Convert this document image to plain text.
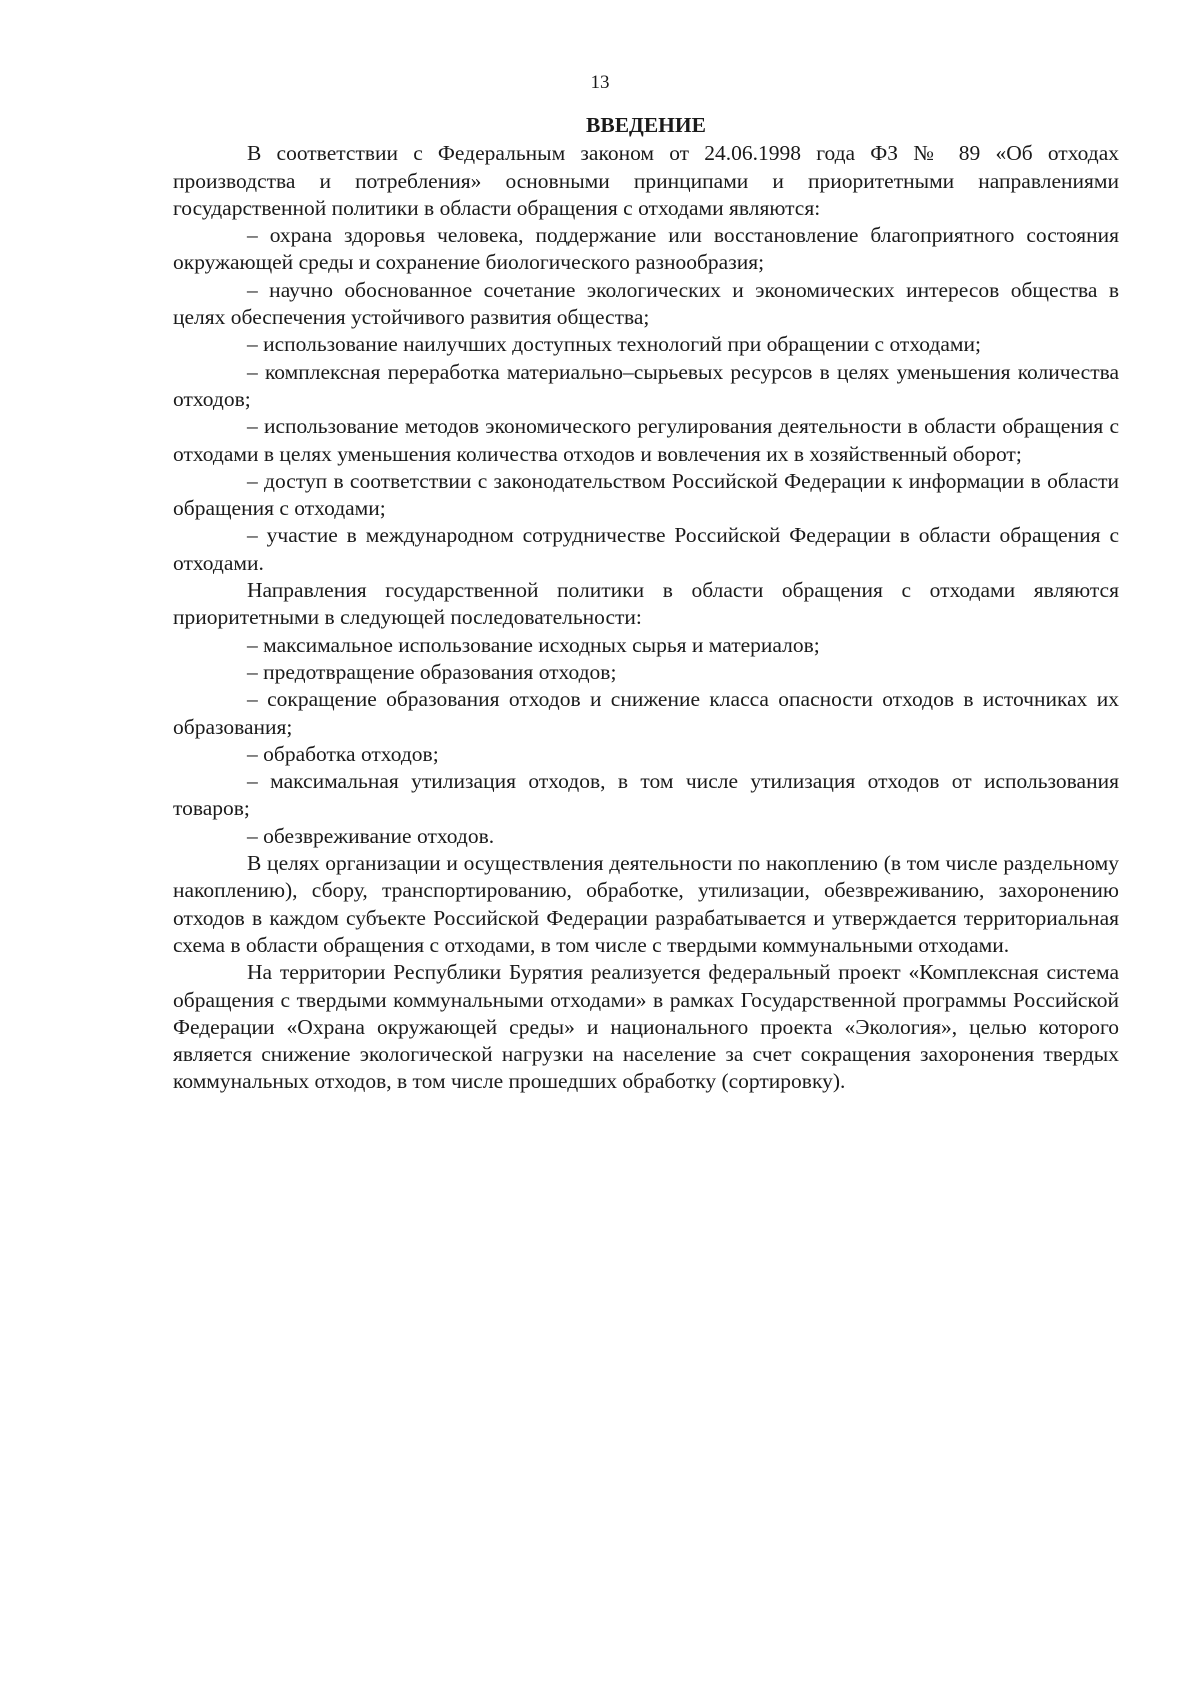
13
ВВЕДЕНИЕ

В соответствии с Федеральным законом от 24.06.1998 года ФЗ № 89 «Об отходах производства и потребления» основными принципами и приоритетными направлениями государственной политики в области обращения с отходами являются:

– охрана здоровья человека, поддержание или восстановление благоприятного состояния окружающей среды и сохранение биологического разнообразия;

– научно обоснованное сочетание экологических и экономических интересов общества в целях обеспечения устойчивого развития общества;

– использование наилучших доступных технологий при обращении с отходами;

– комплексная переработка материально–сырьевых ресурсов в целях уменьшения количества отходов;

– использование методов экономического регулирования деятельности в области обращения с отходами в целях уменьшения количества отходов и вовлечения их в хозяйственный оборот;

– доступ в соответствии с законодательством Российской Федерации к информации в области обращения с отходами;

– участие в международном сотрудничестве Российской Федерации в области обращения с отходами.

Направления государственной политики в области обращения с отходами являются приоритетными в следующей последовательности:

– максимальное использование исходных сырья и материалов;

– предотвращение образования отходов;

– сокращение образования отходов и снижение класса опасности отходов в источниках их образования;

– обработка отходов;

– максимальная утилизация отходов, в том числе утилизация отходов от использования товаров;

– обезвреживание отходов.

В целях организации и осуществления деятельности по накоплению (в том числе раздельному накоплению), сбору, транспортированию, обработке, утилизации, обезвреживанию, захоронению отходов в каждом субъекте Российской Федерации разрабатывается и утверждается территориальная схема в области обращения с отходами, в том числе с твердыми коммунальными отходами.

На территории Республики Бурятия реализуется федеральный проект «Комплексная система обращения с твердыми коммунальными отходами» в рамках Государственной программы Российской Федерации «Охрана окружающей среды» и национального проекта «Экология», целью которого является снижение экологической нагрузки на население за счет сокращения захоронения твердых коммунальных отходов, в том числе прошедших обработку (сортировку).
